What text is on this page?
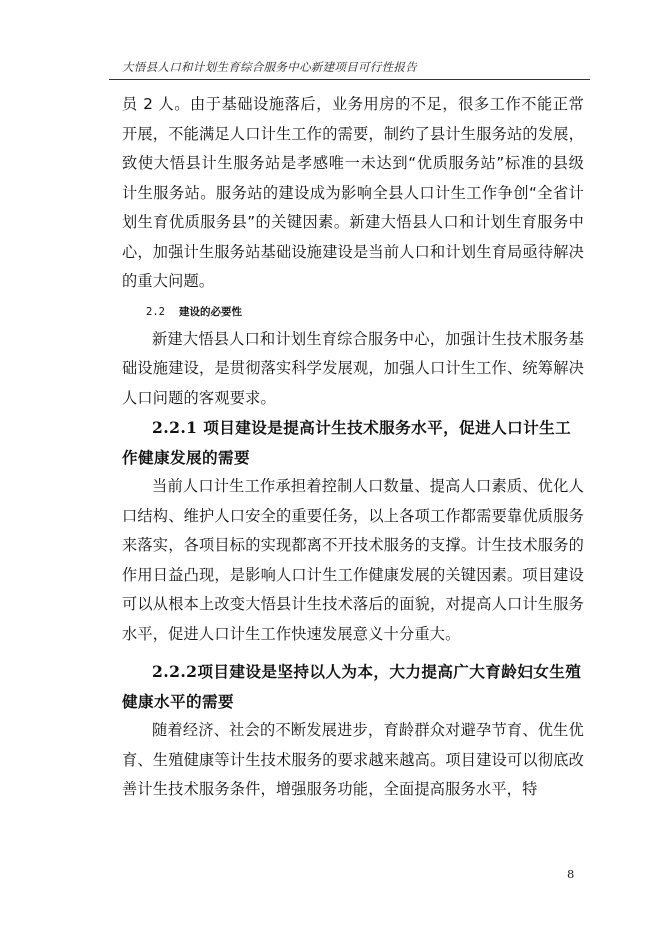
大悟县人口和计划生育综合服务中心新建项目可行性报告

员 2 人。由于基础设施落后，业务用房的不足，很多工作不能正常开展，不能满足人口计生工作的需要，制约了县计生服务站的发展，致使大悟县计生服务站是孝感唯一未达到“优质服务站”标准的县级计生服务站。服务站的建设成为影响全县人口计生工作争创“全省计划生育优质服务县”的关键因素。新建大悟县人口和计划生育服务中心，加强计生服务站基础设施建设是当前人口和计划生育局亟待解决的重大问题。

2.2 建设的必要性

新建大悟县人口和计划生育综合服务中心，加强计生技术服务基础设施建设，是贯彻落实科学发展观，加强人口计生工作、统筹解决人口问题的客观要求。

2.2.1 项目建设是提高计生技术服务水平，促进人口计生工作健康发展的需要

当前人口计生工作承担着控制人口数量、提高人口素质、优化人口结构、维护人口安全的重要任务，以上各项工作都需要靠优质服务来落实，各项目标的实现都离不开技术服务的支撑。计生技术服务的作用日益凸现，是影响人口计生工作健康发展的关键因素。项目建设可以从根本上改变大悟县计生技术落后的面貌，对提高人口计生服务水平，促进人口计生工作快速发展意义十分重大。

2.2.2项目建设是坚持以人为本，大力提高广大育龄妇女生殖健康水平的需要

随着经济、社会的不断发展进步，育龄群众对避孕节育、优生优育、生殖健康等计生技术服务的要求越来越高。项目建设可以彻底改善计生技术服务条件，增强服务功能，全面提高服务水平，特

8
